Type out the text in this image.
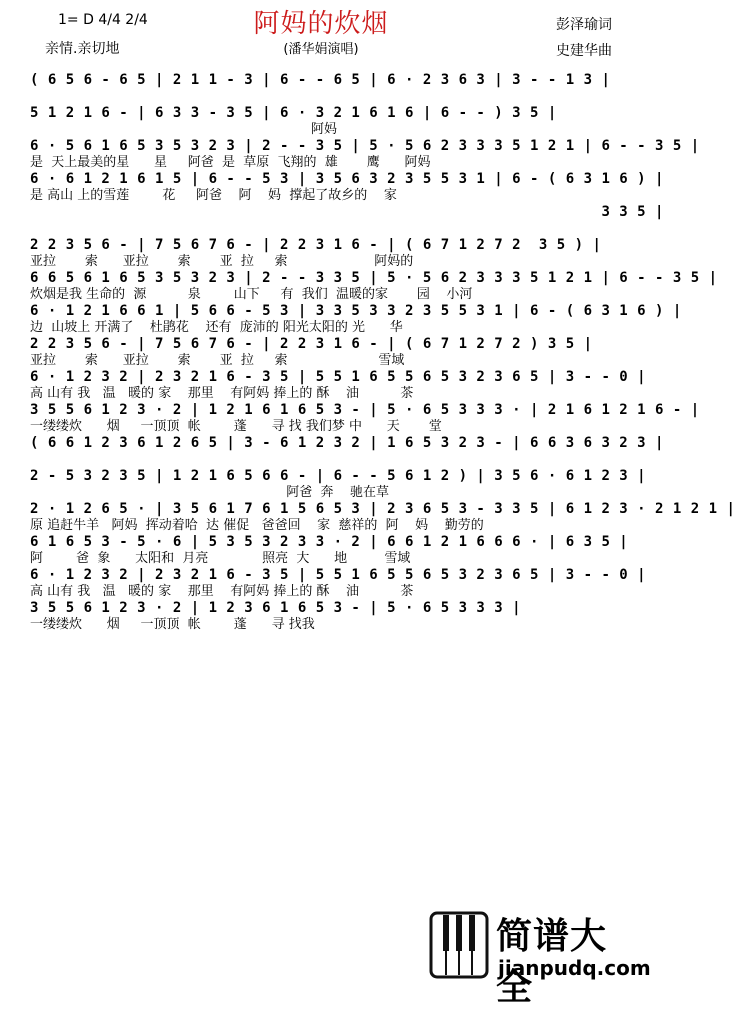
1= D 4/4 2/4
亲情.亲切地
阿妈的炊烟
(潘华娟演唱)
彭泽瑜词
史建华曲
( 6 5 6 - 6 5 | 2 1 1 - 3 | 6 - - 6 5 | 6 · 2 3 6 3 | 3 - - 1 3 |
5 1 2 1 6 - | 6 3 3 - 3 5 | 6 · 3 2 1 6 1 6 | 6 - - ) 3 5 |
阿妈
6 · 5 6 1 6 5 3 5 3 2 3 | 2 - - 3 5 | 5 · 5 6 2 3 3 3 5 1 2 1 | 6 - - 3 5 |
是  天上最美的星      星     阿爸  是  草原  飞翔的  雄       鹰      阿妈
6 · 6 1 2 1 6 1 5 | 6 - - 5 3 | 3 5 6 3 2 3 5 5 3 1 | 6 - ( 6 3 1 6 ) |
是 高山 上的雪莲        花     阿爸    阿    妈  撑起了故乡的    家
3 3 5 |
2 2 3 5 6 - | 7 5 6 7 6 - | 2 2 3 1 6 - | ( 6 7 1 2 7 2  3 5 ) |
亚拉       索      亚拉       索       亚  拉     索                     阿妈的
6 6 5 6 1 6 5 3 5 3 2 3 | 2 - - 3 3 5 | 5 · 5 6 2 3 3 3 5 1 2 1 | 6 - - 3 5 |
炊烟是我 生命的  源          泉        山下     有  我们  温暖的家       园    小河
6 · 1 2 1 6 6 1 | 5 6 6 - 5 3 | 3 3 5 3 3 2 3 5 5 3 1 | 6 - ( 6 3 1 6 ) |
边  山坡上 开满了    杜鹃花    还有  庞沛的 阳光太阳的 光      华
2 2 3 5 6 - | 7 5 6 7 6 - | 2 2 3 1 6 - | ( 6 7 1 2 7 2 ) 3 5 |
亚拉       索      亚拉       索       亚  拉     索                      雪域
6 · 1 2 3 2 | 2 3 2 1 6 - 3 5 | 5 5 1 6 5 5 6 5 3 2 3 6 5 | 3 - - 0 |
高 山有 我   温   暖的 家    那里    有阿妈 捧上的 酥    油          茶
3 5 5 6 1 2 3 · 2 | 1 2 1 6 1 6 5 3 - | 5 · 6 5 3 3 3 · | 2 1 6 1 2 1 6 - |
一缕缕炊      烟     一顶顶  帐        蓬      寻 找 我们梦 中      天       堂
( 6 6 1 2 3 6 1 2 6 5 | 3 - 6 1 2 3 2 | 1 6 5 3 2 3 - | 6 6 3 6 3 2 3 |
2 - 5 3 2 3 5 | 1 2 1 6 5 6 6 - | 6 - - 5 6 1 2 ) | 3 5 6 · 6 1 2 3 |
阿爸  奔    驰在草
2 · 1 2 6 5 · | 3 5 6 1 7 6 1 5 6 5 3 | 2 3 6 5 3 - 3 3 5 | 6 1 2 3 · 2 1 2 1 |
原 追赶牛羊   阿妈  挥动着哈  达 催促   爸爸回    家  慈祥的  阿    妈    勤劳的
6 1 6 5 3 - 5 · 6 | 5 3 5 3 2 3 3 · 2 | 6 6 1 2 1 6 6 6 · | 6 3 5 |
阿        爸  象      太阳和  月亮             照亮  大      地         雪域
6 · 1 2 3 2 | 2 3 2 1 6 - 3 5 | 5 5 1 6 5 5 6 5 3 2 3 6 5 | 3 - - 0 |
高 山有 我   温   暖的 家    那里    有阿妈 捧上的 酥    油          茶
3 5 5 6 1 2 3 · 2 | 1 2 3 6 1 6 5 3 - | 5 · 6 5 3 3 3 |
一缕缕炊      烟     一顶顶  帐        蓬      寻 找我
简谱大全
jianpudq.com
